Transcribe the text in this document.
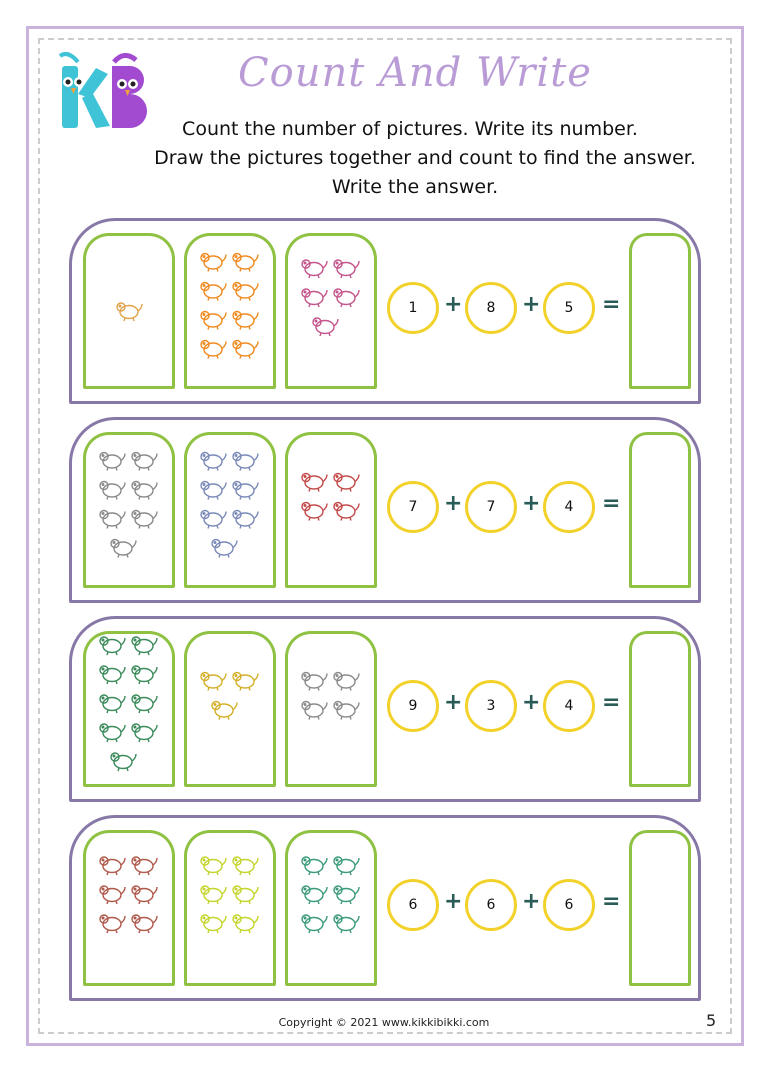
Count And Write
Count the number of pictures. Write its number.
Draw the pictures together and count to find the answer.
Write the answer.
1	+	8	+	5	=
7	+	7	+	4	=
9	+	3	+	4	=
6	+	6	+	6	=
Copyright © 2021 www.kikkibikki.com	5
